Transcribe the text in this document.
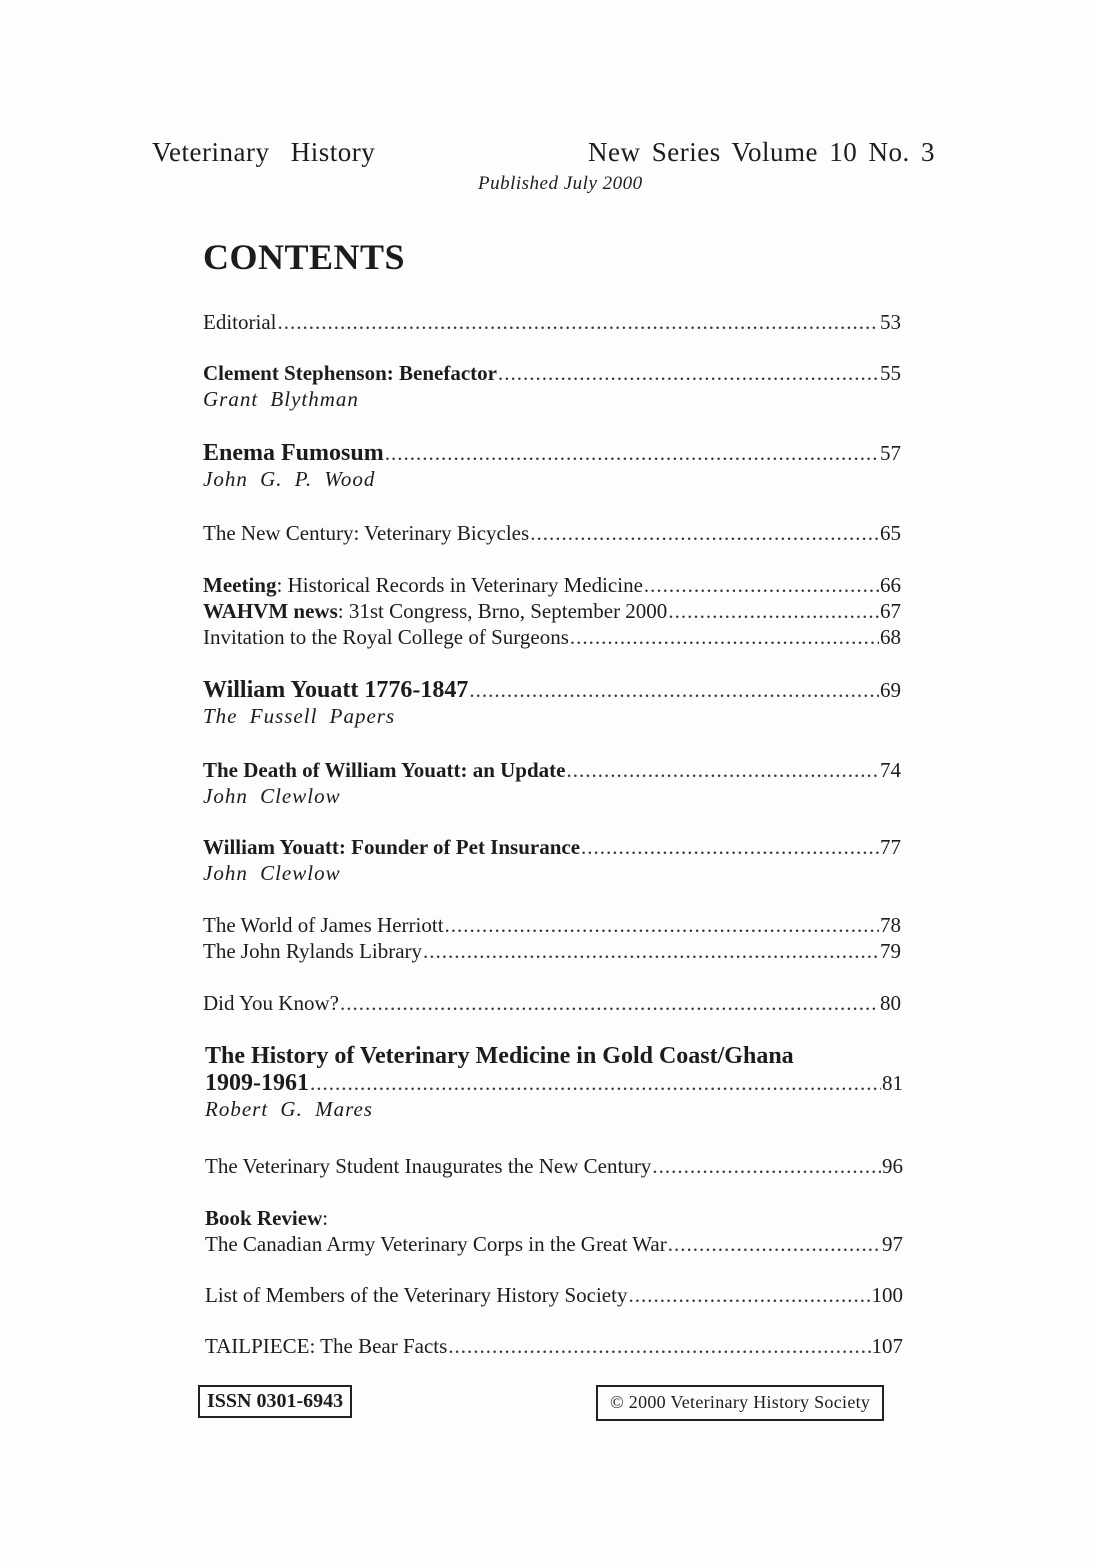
Veterinary History	New Series Volume 10 No. 3
Published July 2000
CONTENTS
Editorial .....	53
Clement Stephenson: Benefactor .....	55
Grant Blythman
Enema Fumosum .....	57
John G. P. Wood
The New Century: Veterinary Bicycles .....	65
Meeting: Historical Records in Veterinary Medicine .....	66
WAHVM news: 31st Congress, Brno, September 2000 .....	67
Invitation to the Royal College of Surgeons .....	68
William Youatt 1776-1847 .....	69
The Fussell Papers
The Death of William Youatt: an Update .....	74
John Clewlow
William Youatt: Founder of Pet Insurance .....	77
John Clewlow
The World of James Herriott .....	78
The John Rylands Library .....	79
Did You Know? .....	80
The History of Veterinary Medicine in Gold Coast/Ghana
1909-1961 .....	81
Robert G. Mares
The Veterinary Student Inaugurates the New Century .....	96
Book Review:
The Canadian Army Veterinary Corps in the Great War .....	97
List of Members of the Veterinary History Society .....	100
TAILPIECE: The Bear Facts .....	107
ISSN 0301-6943	© 2000 Veterinary History Society
